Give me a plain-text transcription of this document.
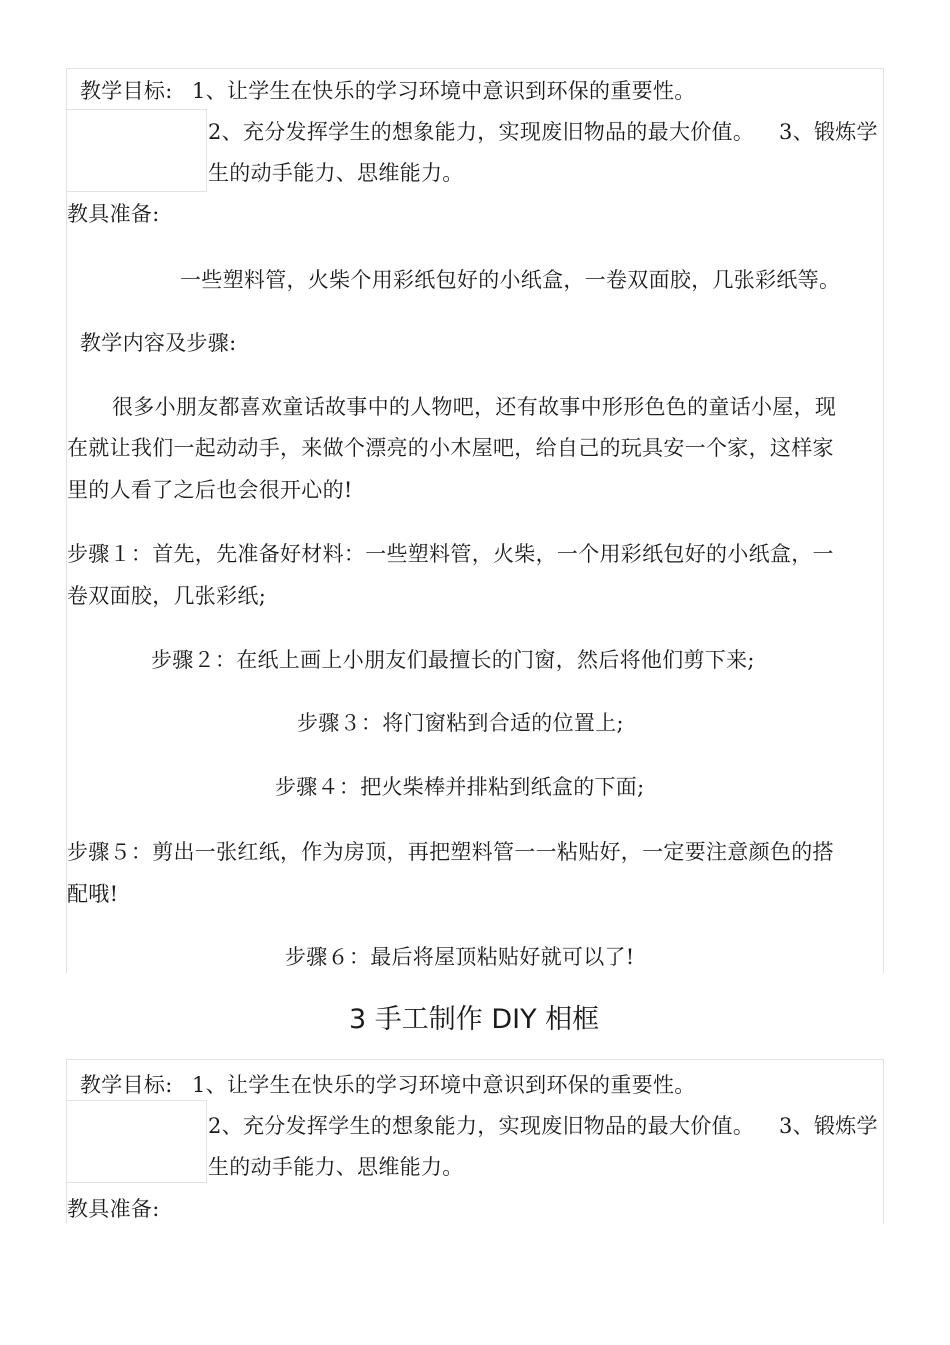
教学目标: 1、让学生在快乐的学习环境中意识到环保的重要性。
2、充分发挥学生的想象能力，实现废旧物品的最大价值。 3、锻炼学
生的动手能力、思维能力。
教具准备:
一些塑料管，火柴个用彩纸包好的小纸盒，一卷双面胶，几张彩纸等。
教学内容及步骤:
很多小朋友都喜欢童话故事中的人物吧，还有故事中形形色色的童话小屋，现
在就让我们一起动动手，来做个漂亮的小木屋吧，给自己的玩具安一个家，这样家
里的人看了之后也会很开心的!
步骤１：首先，先准备好材料：一些塑料管，火柴，一个用彩纸包好的小纸盒，一
卷双面胶，几张彩纸;
步骤２：在纸上画上小朋友们最擅长的门窗，然后将他们剪下来;
步骤３：将门窗粘到合适的位置上;
步骤４：把火柴棒并排粘到纸盒的下面;
步骤５：剪出一张红纸，作为房顶，再把塑料管一一粘贴好，一定要注意颜色的搭
配哦!
步骤６：最后将屋顶粘贴好就可以了!
3 手工制作 DIY 相框
教学目标: 1、让学生在快乐的学习环境中意识到环保的重要性。
2、充分发挥学生的想象能力，实现废旧物品的最大价值。 3、锻炼学
生的动手能力、思维能力。
教具准备:
